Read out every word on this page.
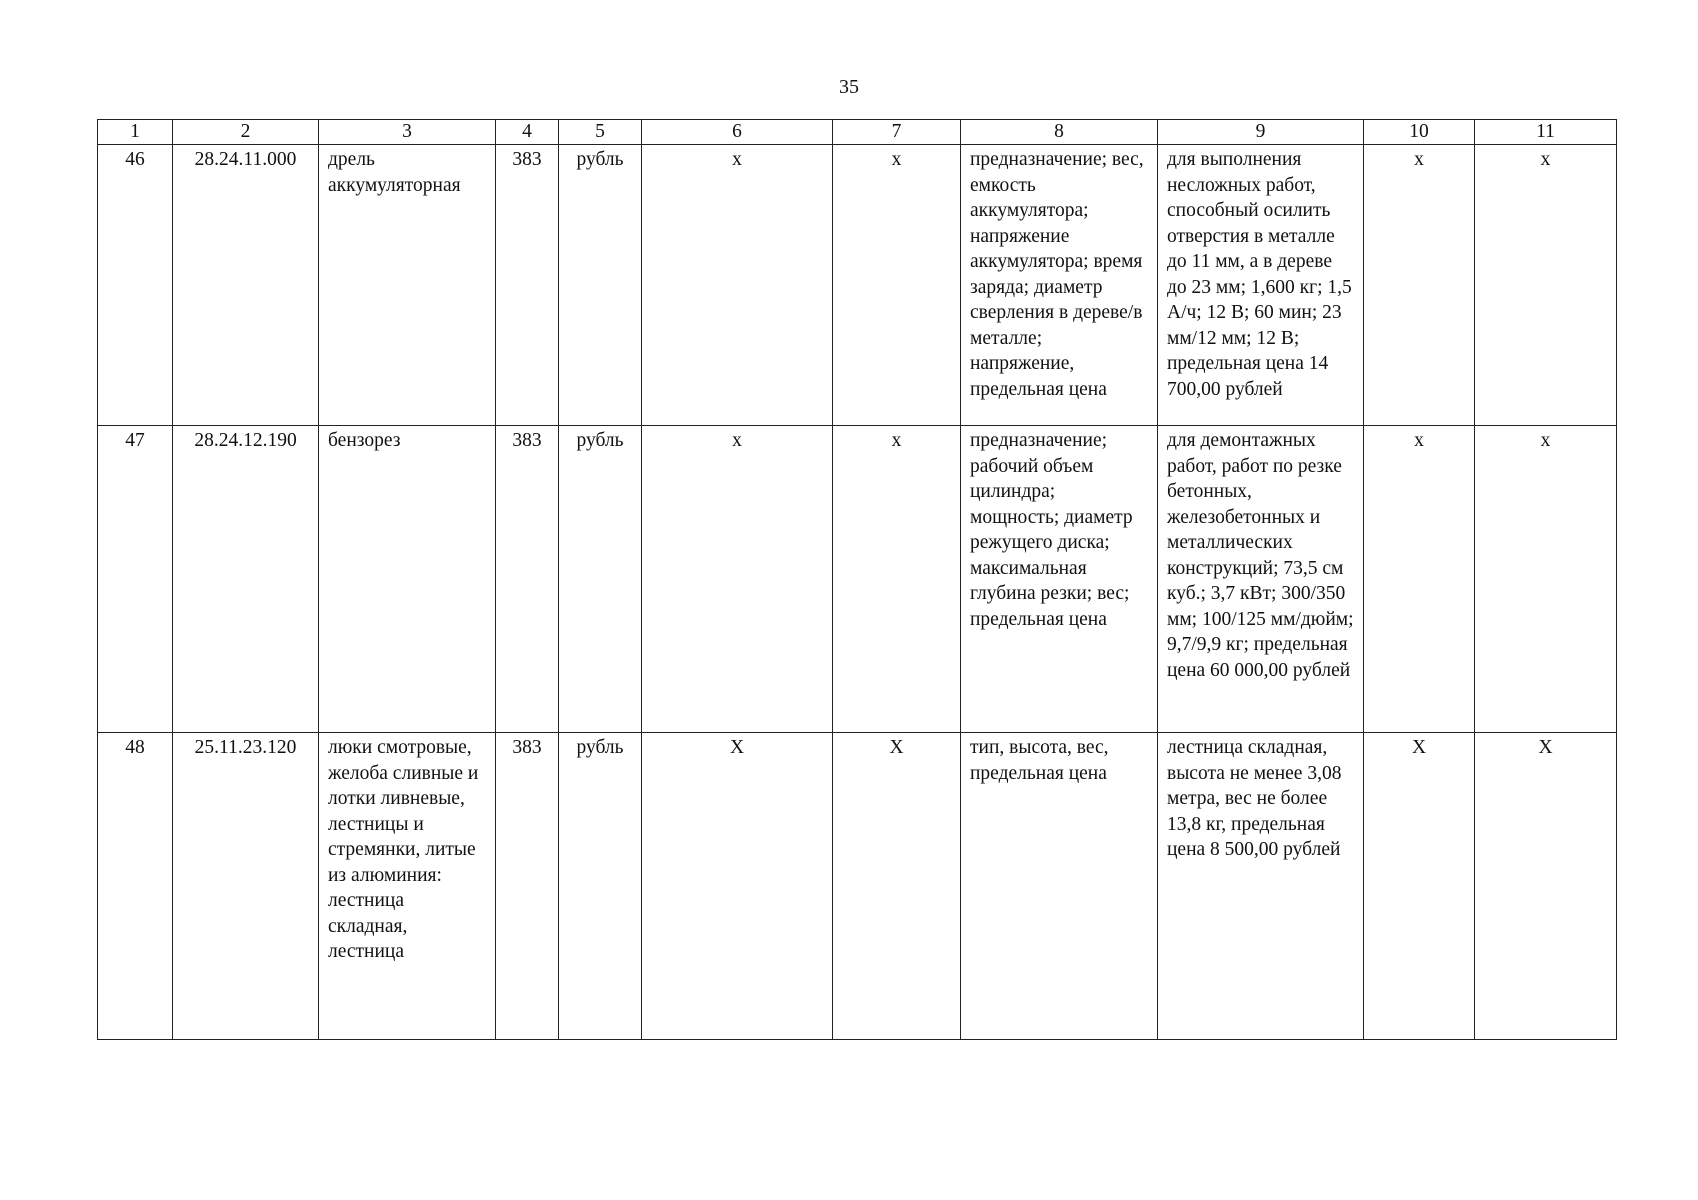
35
1	2	3	4	5	6	7	8	9	10	11

46	28.24.11.000	дрель аккумуляторная	383	рубль	x	x	предназначение; вес, емкость аккумулятора; напряжение аккумулятора; время заряда; диаметр сверления в дереве/в металле; напряжение, предельная цена	для выполнения несложных работ, способный осилить отверстия в металле до 11 мм, а в дереве до 23 мм; 1,600 кг; 1,5 А/ч; 12 В; 60 мин; 23 мм/12 мм; 12 В; предельная цена 14 700,00 рублей	x	x

47	28.24.12.190	бензорез	383	рубль	x	x	предназначение; рабочий объем цилиндра; мощность; диаметр режущего диска; максимальная глубина резки; вес; предельная цена	для демонтажных работ, работ по резке бетонных, железобетонных и металлических конструкций; 73,5 см куб.; 3,7 кВт; 300/350 мм; 100/125 мм/дюйм; 9,7/9,9 кг; предельная цена 60 000,00 рублей	x	x

48	25.11.23.120	люки смотровые, желоба сливные и лотки ливневые, лестницы и стремянки, литые из алюминия: лестница складная, лестница	383	рубль	X	X	тип, высота, вес, предельная цена	лестница складная, высота не менее 3,08 метра, вес не более 13,8 кг, предельная цена 8 500,00 рублей	X	X
